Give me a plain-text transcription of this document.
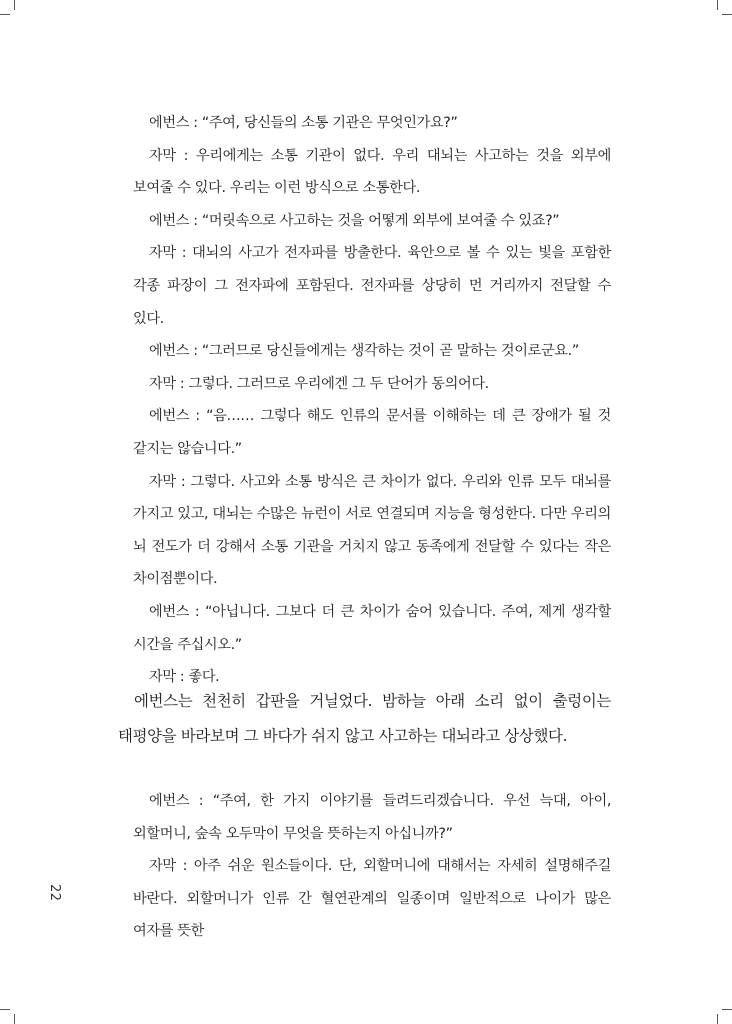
에번스 : “주여, 당신들의 소통 기관은 무엇인가요?”

자막 : 우리에게는 소통 기관이 없다. 우리 대뇌는 사고하는 것을 외부에 보여줄 수 있다. 우리는 이런 방식으로 소통한다.

에번스 : “머릿속으로 사고하는 것을 어떻게 외부에 보여줄 수 있죠?”

자막 : 대뇌의 사고가 전자파를 방출한다. 육안으로 볼 수 있는 빛을 포함한 각종 파장이 그 전자파에 포함된다. 전자파를 상당히 먼 거리까지 전달할 수 있다.

에번스 : “그러므로 당신들에게는 생각하는 것이 곧 말하는 것이로군요.”

자막 : 그렇다. 그러므로 우리에겐 그 두 단어가 동의어다.

에번스 : “음…… 그렇다 해도 인류의 문서를 이해하는 데 큰 장애가 될 것 같지는 않습니다.”

자막 : 그렇다. 사고와 소통 방식은 큰 차이가 없다. 우리와 인류 모두 대뇌를 가지고 있고, 대뇌는 수많은 뉴런이 서로 연결되며 지능을 형성한다. 다만 우리의 뇌 전도가 더 강해서 소통 기관을 거치지 않고 동족에게 전달할 수 있다는 작은 차이점뿐이다.

에번스 : “아닙니다. 그보다 더 큰 차이가 숨어 있습니다. 주여, 제게 생각할 시간을 주십시오.”

자막 : 좋다.

에번스는 천천히 갑판을 거닐었다. 밤하늘 아래 소리 없이 출렁이는 태평양을 바라보며 그 바다가 쉬지 않고 사고하는 대뇌라고 상상했다.

에번스 : “주여, 한 가지 이야기를 들려드리겠습니다. 우선 늑대, 아이, 외할머니, 숲속 오두막이 무엇을 뜻하는지 아십니까?”

자막 : 아주 쉬운 원소들이다. 단, 외할머니에 대해서는 자세히 설명해주길 바란다. 외할머니가 인류 간 혈연관계의 일종이며 일반적으로 나이가 많은 여자를 뜻한

22
